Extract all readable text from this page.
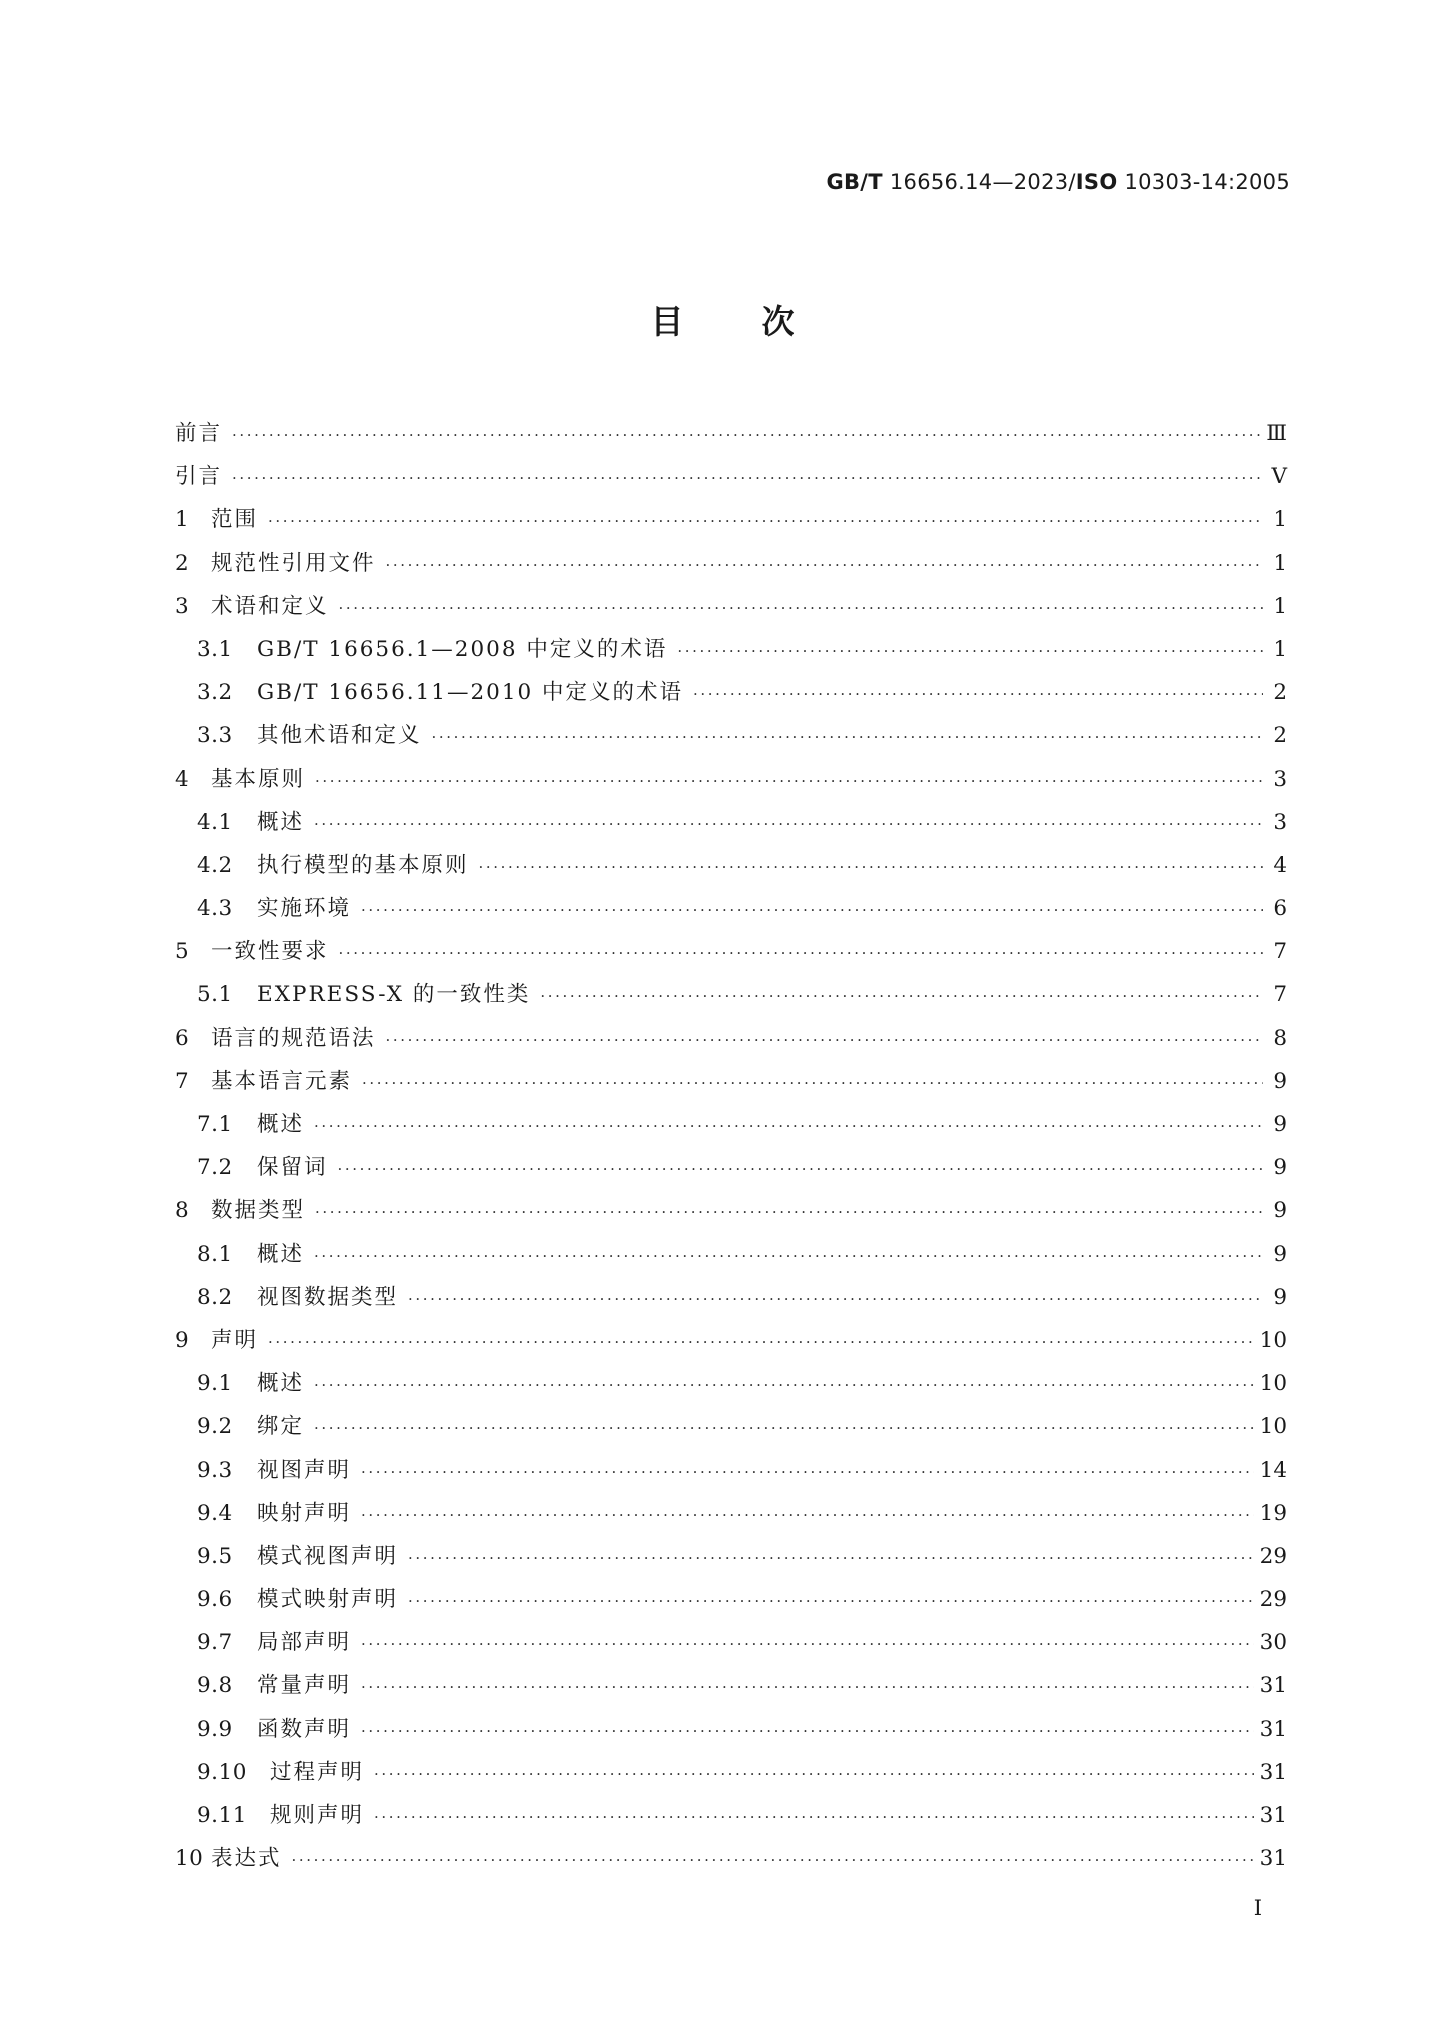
GB/T 16656.14—2023/ISO 10303-14:2005
目次
前言 ·····	Ⅲ
引言 ·····	Ⅴ
1	范围 ·····	1
2	规范性引用文件 ·····	1
3	术语和定义 ·····	1
3.1	GB/T 16656.1—2008 中定义的术语 ·····	1
3.2	GB/T 16656.11—2010 中定义的术语 ·····	2
3.3	其他术语和定义 ·····	2
4	基本原则 ·····	3
4.1	概述 ·····	3
4.2	执行模型的基本原则 ·····	4
4.3	实施环境 ·····	6
5	一致性要求 ·····	7
5.1	EXPRESS-X 的一致性类 ·····	7
6	语言的规范语法 ·····	8
7	基本语言元素 ·····	9
7.1	概述 ·····	9
7.2	保留词 ·····	9
8	数据类型 ·····	9
8.1	概述 ·····	9
8.2	视图数据类型 ·····	9
9	声明 ·····	10
9.1	概述 ·····	10
9.2	绑定 ·····	10
9.3	视图声明 ·····	14
9.4	映射声明 ·····	19
9.5	模式视图声明 ·····	29
9.6	模式映射声明 ·····	29
9.7	局部声明 ·····	30
9.8	常量声明 ·····	31
9.9	函数声明 ·····	31
9.10	过程声明 ·····	31
9.11	规则声明 ·····	31
10 表达式 ·····	31
I
